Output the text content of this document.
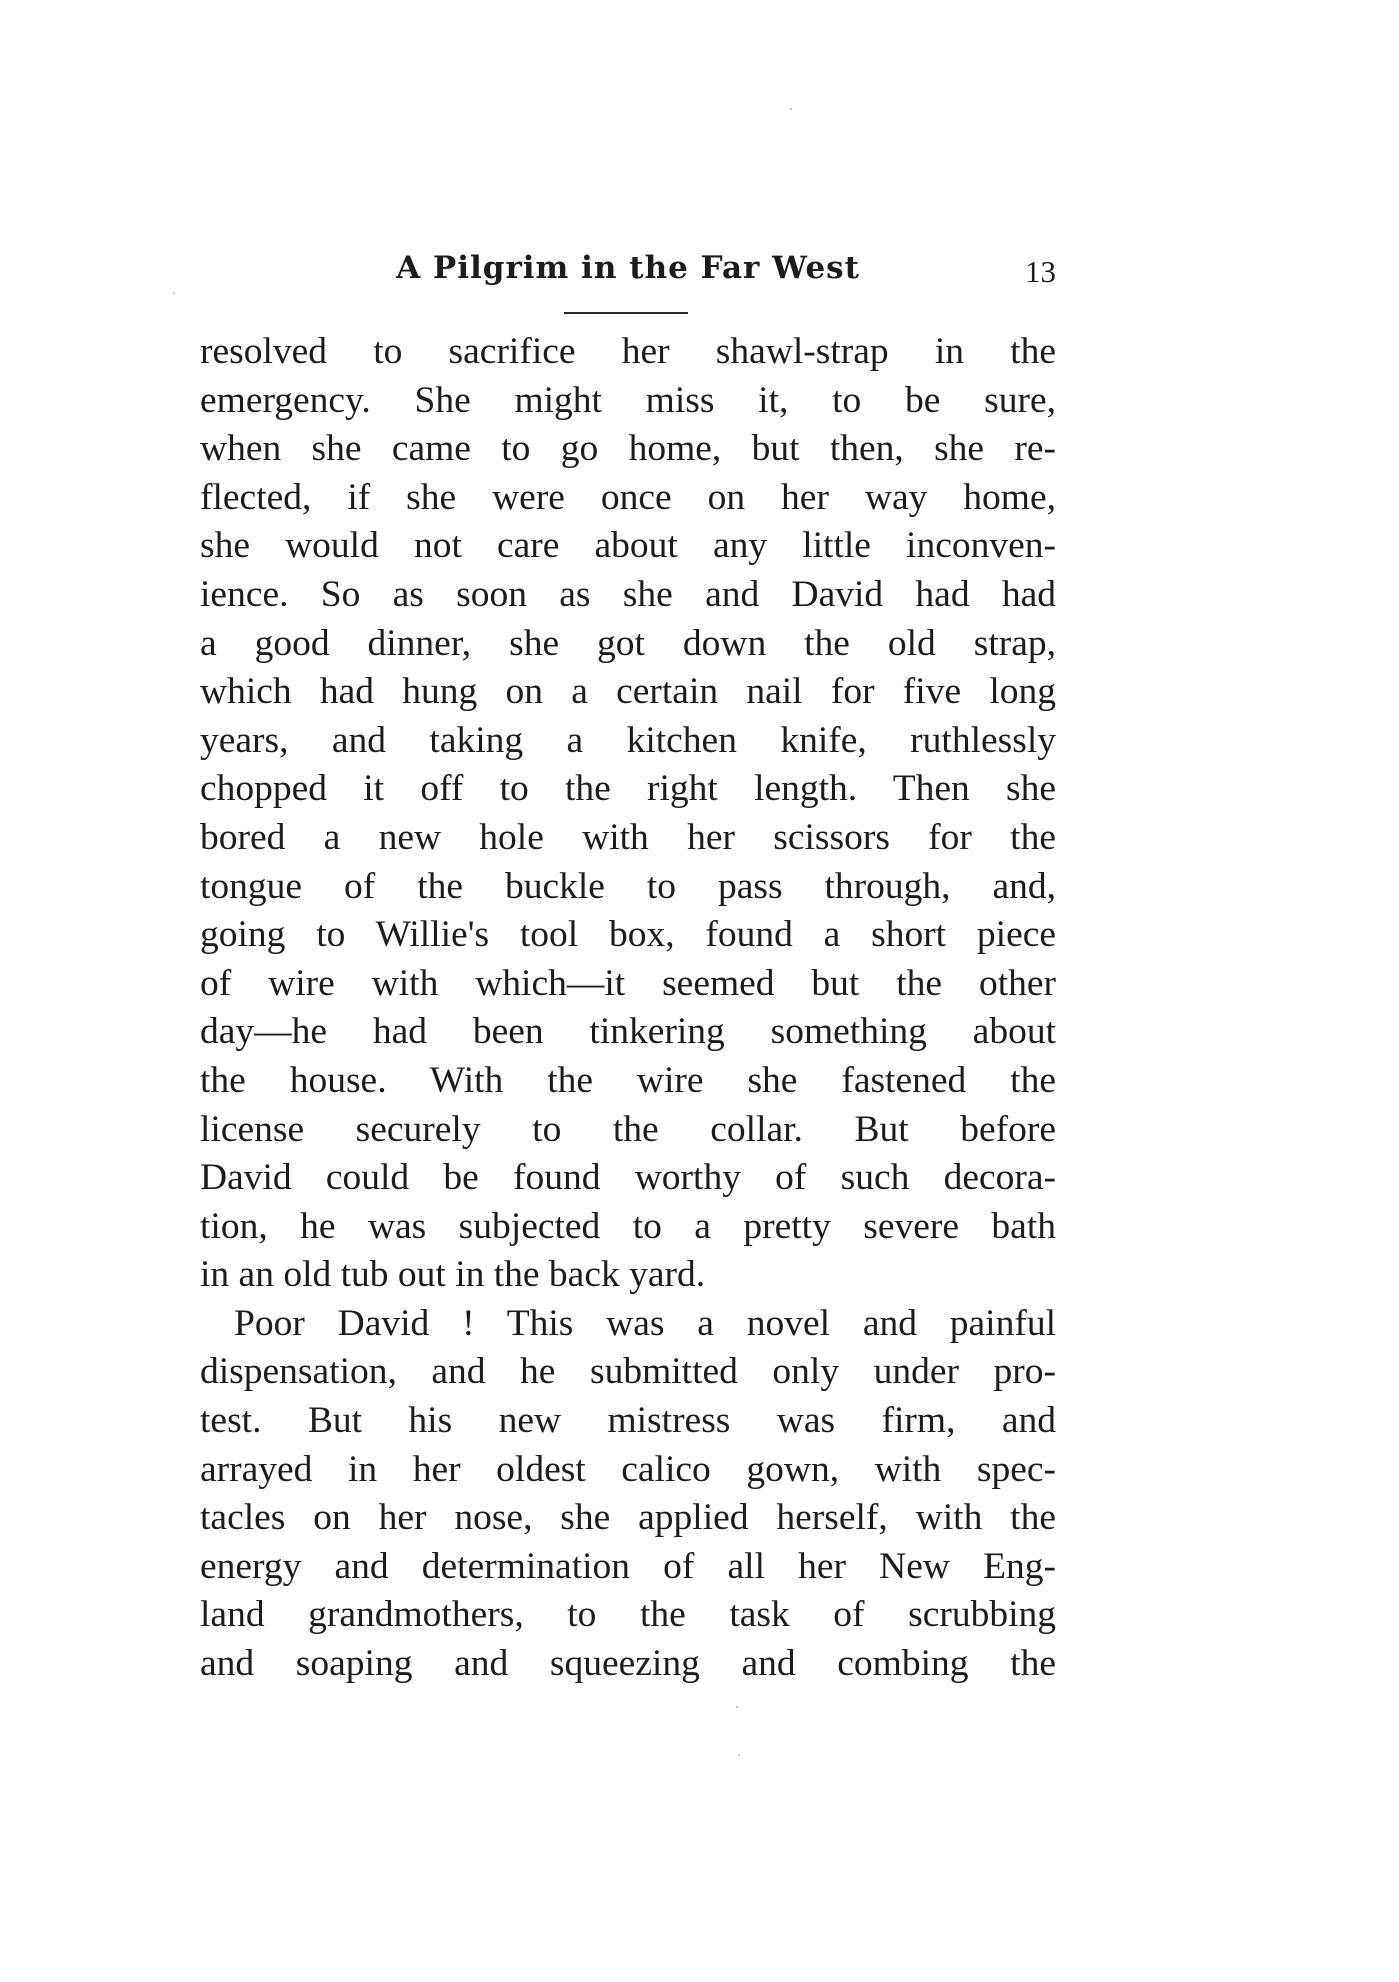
A Pilgrim in the Far West	13
resolved to sacrifice her shawl-strap in the
emergency. She might miss it, to be sure,
when she came to go home, but then, she re-
flected, if she were once on her way home,
she would not care about any little inconven-
ience. So as soon as she and David had had
a good dinner, she got down the old strap,
which had hung on a certain nail for five long
years, and taking a kitchen knife, ruthlessly
chopped it off to the right length. Then she
bored a new hole with her scissors for the
tongue of the buckle to pass through, and,
going to Willie's tool box, found a short piece
of wire with which—it seemed but the other
day—he had been tinkering something about
the house. With the wire she fastened the
license securely to the collar. But before
David could be found worthy of such decora-
tion, he was subjected to a pretty severe bath
in an old tub out in the back yard.
Poor David ! This was a novel and painful
dispensation, and he submitted only under pro-
test. But his new mistress was firm, and
arrayed in her oldest calico gown, with spec-
tacles on her nose, she applied herself, with the
energy and determination of all her New Eng-
land grandmothers, to the task of scrubbing
and soaping and squeezing and combing the
